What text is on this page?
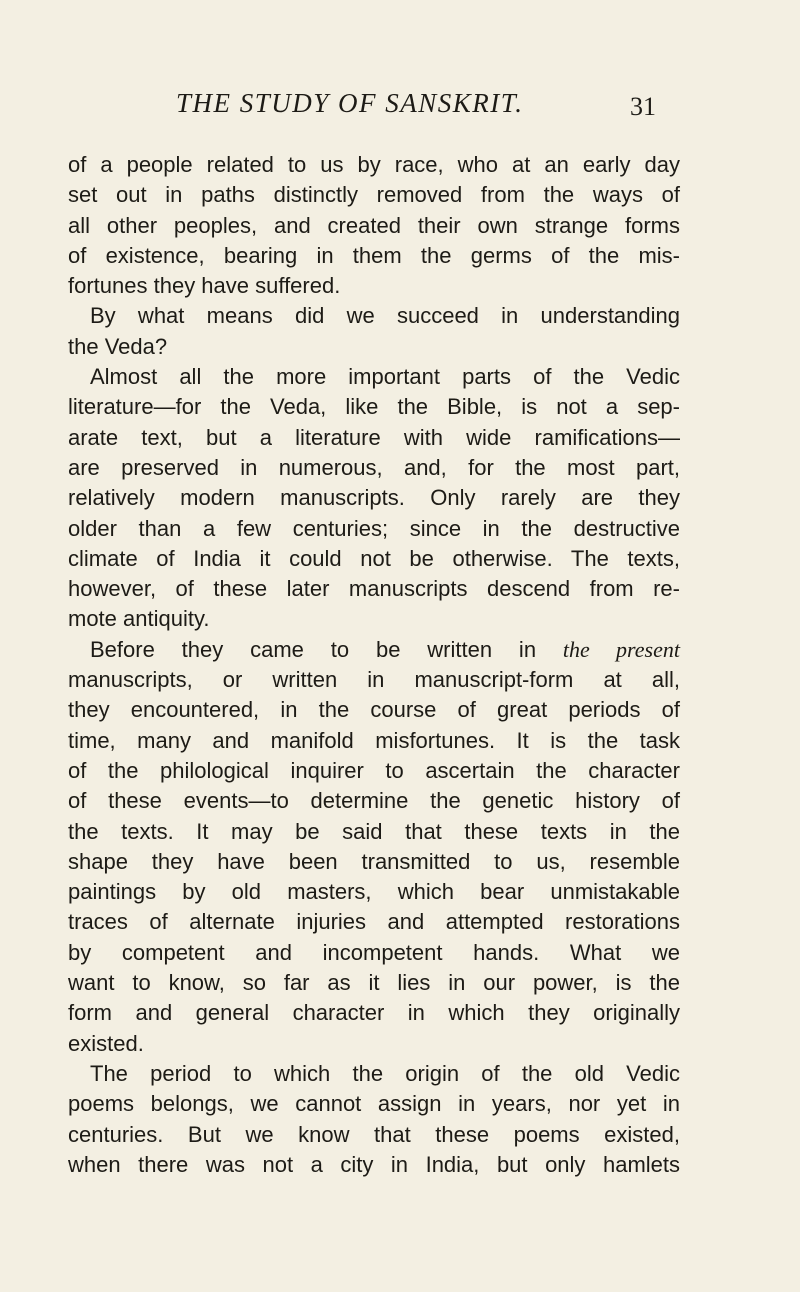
THE STUDY OF SANSKRIT.	31
of a people related to us by race, who at an early day
set out in paths distinctly removed from the ways of
all other peoples, and created their own strange forms
of existence, bearing in them the germs of the mis-
fortunes they have suffered.
By what means did we succeed in understanding
the Veda?
Almost all the more important parts of the Vedic
literature—for the Veda, like the Bible, is not a sep-
arate text, but a literature with wide ramifications—
are preserved in numerous, and, for the most part,
relatively modern manuscripts. Only rarely are they
older than a few centuries; since in the destructive
climate of India it could not be otherwise. The texts,
however, of these later manuscripts descend from re-
mote antiquity.
Before they came to be written in the present
manuscripts, or written in manuscript-form at all,
they encountered, in the course of great periods of
time, many and manifold misfortunes. It is the task
of the philological inquirer to ascertain the character
of these events—to determine the genetic history of
the texts. It may be said that these texts in the
shape they have been transmitted to us, resemble
paintings by old masters, which bear unmistakable
traces of alternate injuries and attempted restorations
by competent and incompetent hands. What we
want to know, so far as it lies in our power, is the
form and general character in which they originally
existed.
The period to which the origin of the old Vedic
poems belongs, we cannot assign in years, nor yet in
centuries. But we know that these poems existed,
when there was not a city in India, but only hamlets
